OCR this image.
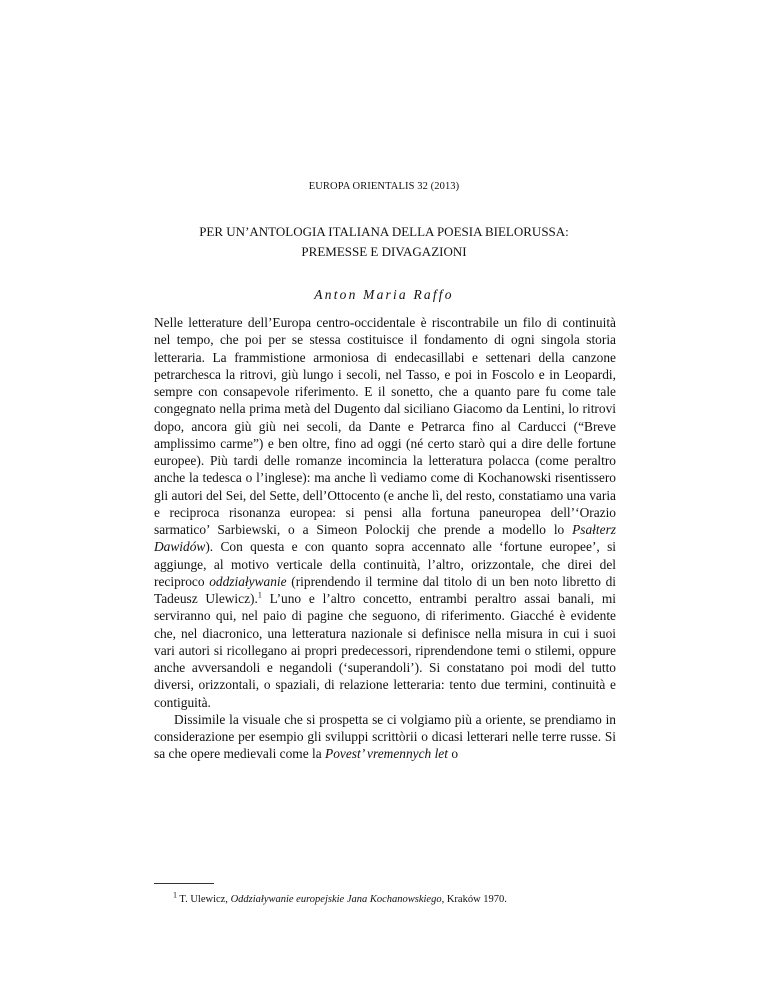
EUROPA ORIENTALIS 32 (2013)
PER UN’ANTOLOGIA ITALIANA DELLA POESIA BIELORUSSA:
PREMESSE E DIVAGAZIONI
Anton Maria Raffo

Nelle letterature dell’Europa centro-occidentale è riscontrabile un filo di continuità nel tempo, che poi per se stessa costituisce il fondamento di ogni singola storia letteraria. La frammistione armoniosa di endecasillabi e settenari della canzone petrarchesca la ritrovi, giù lungo i secoli, nel Tasso, e poi in Foscolo e in Leopardi, sempre con consapevole riferimento. E il sonetto, che a quanto pare fu come tale congegnato nella prima metà del Dugento dal siciliano Giacomo da Lentini, lo ritrovi dopo, ancora giù giù nei secoli, da Dante e Petrarca fino al Carducci (“Breve amplissimo carme”) e ben oltre, fino ad oggi (né certo starò qui a dire delle fortune europee). Più tardi delle romanze incomincia la letteratura polacca (come peraltro anche la tedesca o l’inglese): ma anche lì vediamo come di Kochanowski risentissero gli autori del Sei, del Sette, dell’Ottocento (e anche lì, del resto, constatiamo una varia e reciproca risonanza europea: si pensi alla fortuna paneuropea dell’‘Orazio sarmatico’ Sarbiewski, o a Simeon Polockij che prende a modello lo Psałterz Dawidów). Con questa e con quanto sopra accennato alle ‘fortune europee’, si aggiunge, al motivo verticale della continuità, l’altro, orizzontale, che direi del reciproco oddziaływanie (riprendendo il termine dal titolo di un ben noto libretto di Tadeusz Ulewicz).$^1$ L’uno e l’altro concetto, entrambi peraltro assai banali, mi serviranno qui, nel paio di pagine che seguono, di riferimento. Giacché è evidente che, nel diacronico, una letteratura nazionale si definisce nella misura in cui i suoi vari autori si ricollegano ai propri predecessori, riprendendone temi o stilemi, oppure anche avversandoli e negandoli (‘superandoli’). Si constatano poi modi del tutto diversi, orizzontali, o spaziali, di relazione letteraria: tento due termini, continuità e contiguità.

Dissimile la visuale che si prospetta se ci volgiamo più a oriente, se prendiamo in considerazione per esempio gli sviluppi scrittòrii o dicasi letterari nelle terre russe. Si sa che opere medievali come la Povest’ vremennych let o

$^1$ T. Ulewicz, Oddziaływanie europejskie Jana Kochanowskiego, Kraków 1970.
